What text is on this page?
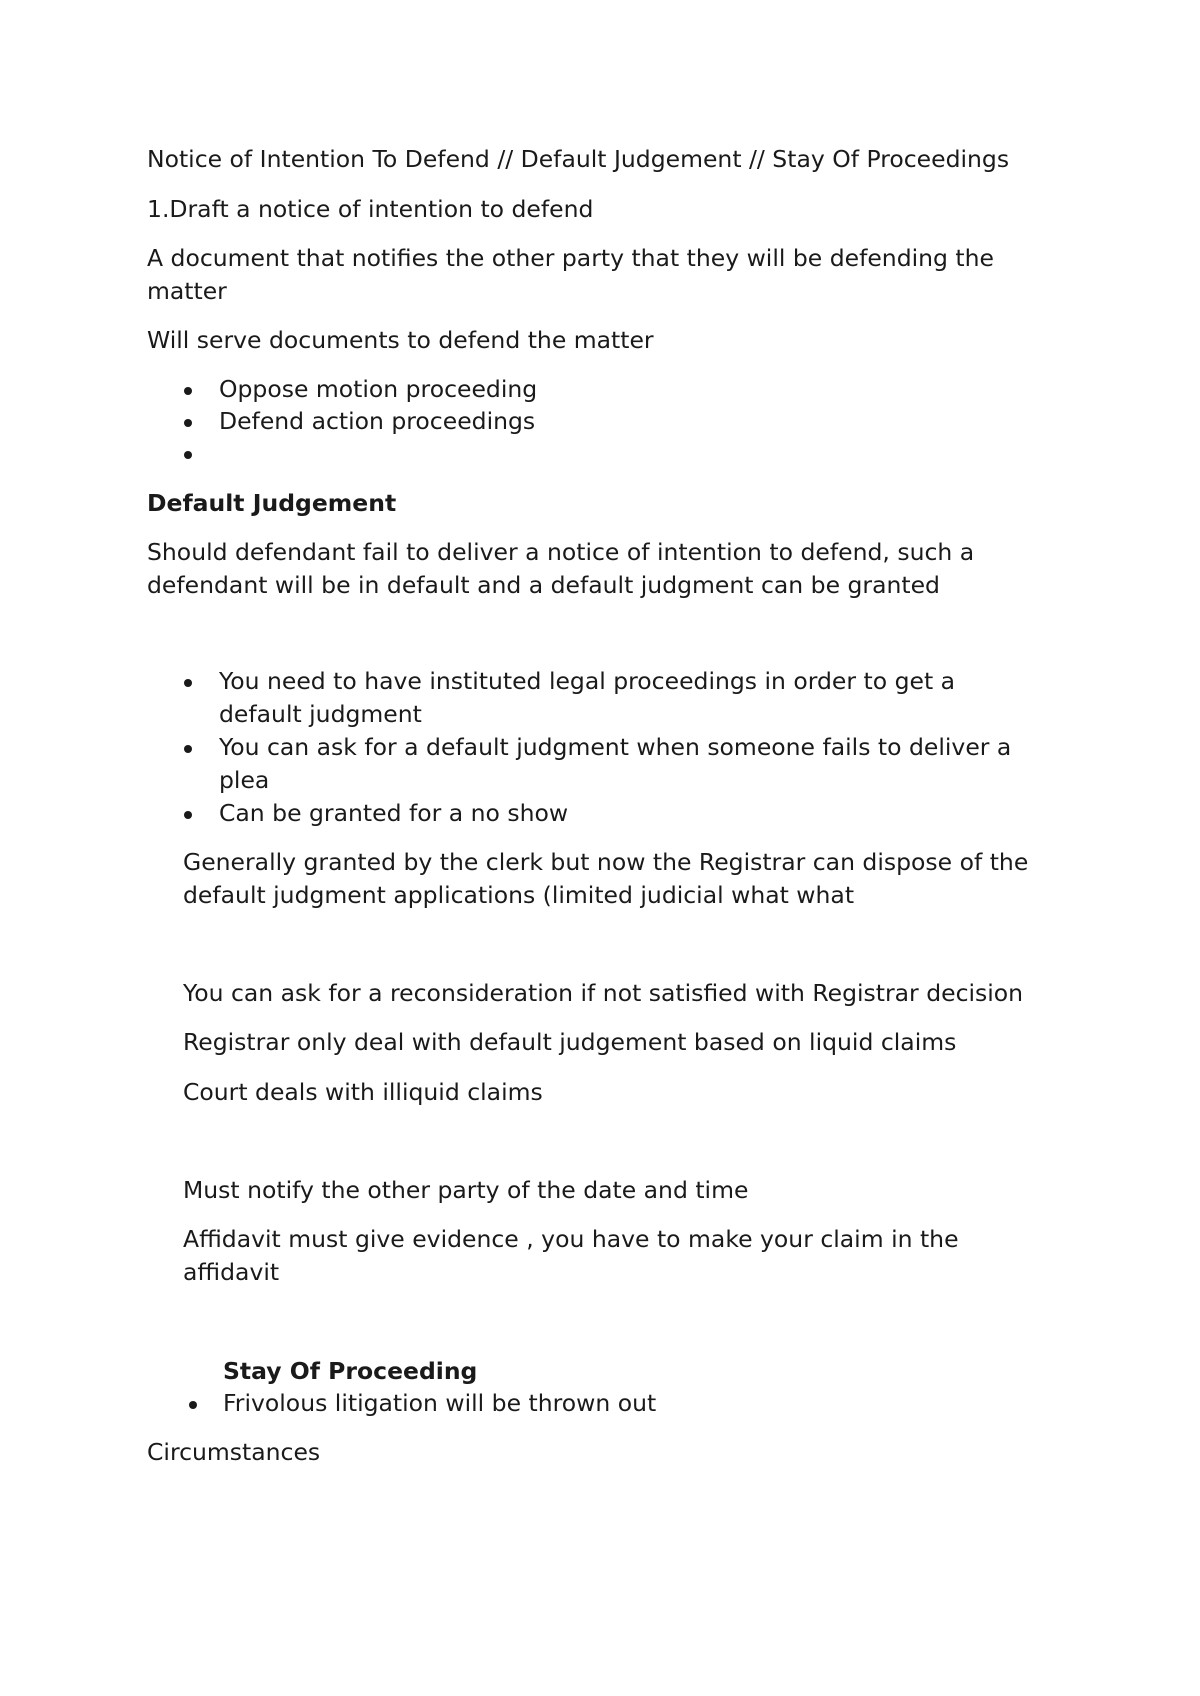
Notice of Intention To Defend // Default Judgement // Stay Of Proceedings

1.Draft a notice of intention to defend

A document that notifies the other party that they will be defending the

matter

Will serve documents to defend the matter

Oppose motion proceeding

Defend action proceedings

Default Judgement

Should defendant fail to deliver a notice of intention to defend, such a

defendant will be in default and a default judgment can be granted

You need to have instituted legal proceedings in order to get a

default judgment

You can ask for a default judgment when someone fails to deliver a

plea

Can be granted for a no show

Generally granted by the clerk but now the Registrar can dispose of the

default judgment applications (limited judicial what what

You can ask for a reconsideration if not satisfied with Registrar decision

Registrar only deal with default judgement based on liquid claims

Court deals with illiquid claims

Must notify the other party of the date and time

Affidavit must give evidence , you have to make your claim in the

affidavit

Stay Of Proceeding

Frivolous litigation will be thrown out

Circumstances
